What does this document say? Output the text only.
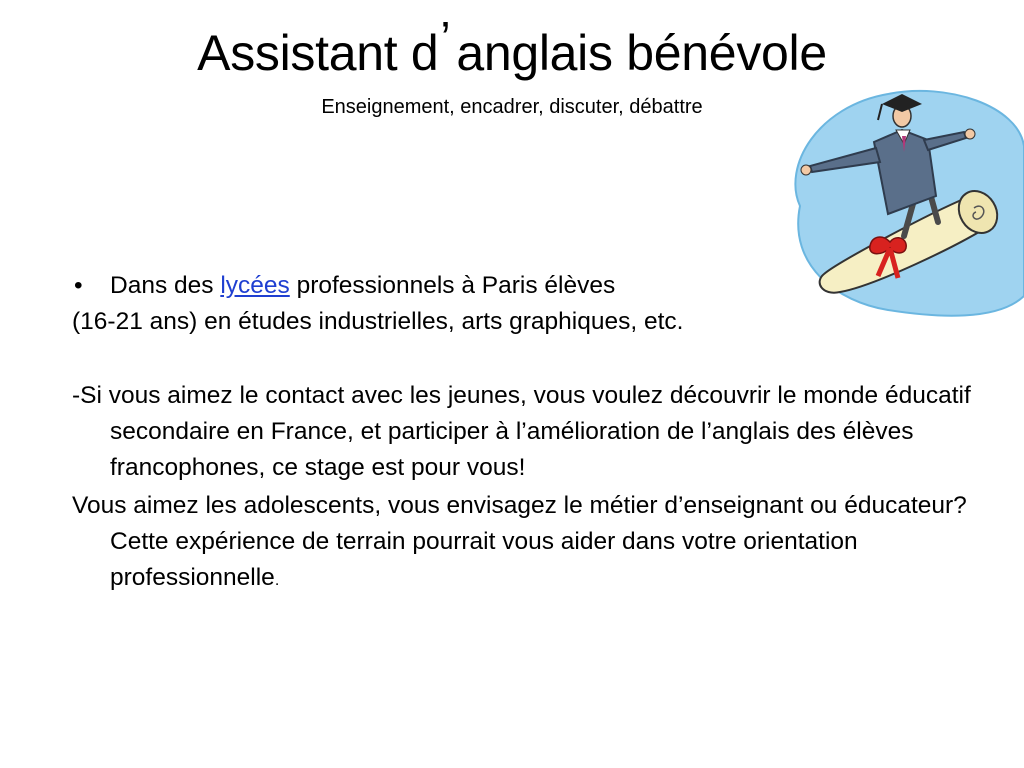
Assistant d’ anglais bénévole
Enseignement, encadrer, discuter, débattre
• Dans des lycées professionnels à Paris élèves

(16-21 ans) en études industrielles, arts graphiques, etc.

-Si vous aimez le contact avec les jeunes, vous voulez découvrir le monde éducatif secondaire en France, et participer à l’amélioration de l’anglais des élèves francophones, ce stage est pour vous!

Vous aimez les adolescents, vous envisagez le métier d’enseignant ou éducateur? Cette expérience de terrain pourrait vous aider dans votre orientation professionnelle.
